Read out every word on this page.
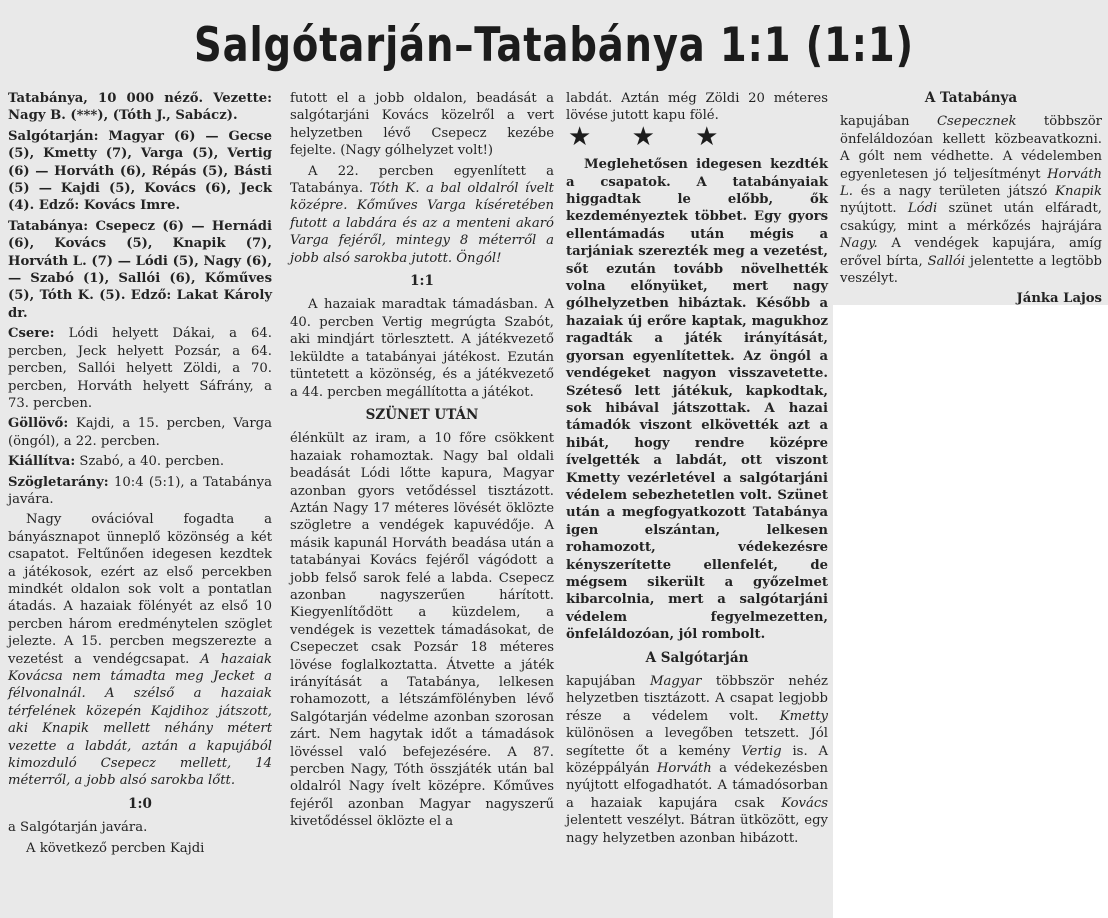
Salgótarján–Tatabánya 1:1 (1:1)

Tatabánya, 10 000 néző. Vezette: Nagy B. (***), (Tóth J., Sabácz).

Salgótarján: Magyar (6) — Gecse (5), Kmetty (7), Varga (5), Vertig (6) — Horváth (6), Répás (5), Básti (5) — Kajdi (5), Kovács (6), Jeck (4). Edző: Kovács Imre.

Tatabánya: Csepecz (6) — Hernádi (6), Kovács (5), Knapik (7), Horváth L. (7) — Lódi (5), Nagy (6), — Szabó (1), Sallói (6), Kőműves (5), Tóth K. (5). Edző: Lakat Károly dr.

Csere: Lódi helyett Dákai, a 64. percben, Jeck helyett Pozsár, a 64. percben, Sallói helyett Zöldi, a 70. percben, Horváth helyett Sáfrány, a 73. percben.

Göllövő: Kajdi, a 15. percben, Varga (öngól), a 22. percben.

Kiállítva: Szabó, a 40. percben.

Szögletarány: 10:4 (5:1), a Tatabánya javára.

Nagy ovációval fogadta a bányásznapot ünneplő közönség a két csapatot. Feltűnően idegesen kezdtek a játékosok, ezért az első percekben mindkét oldalon sok volt a pontatlan átadás. A hazaiak fölényét az első 10 percben három eredménytelen szöglet jelezte. A 15. percben megszerezte a vezetést a vendégcsapat. A hazaiak Kovácsa nem támadta meg Jecket a félvonalnál. A szélső a hazaiak térfelének közepén Kajdihoz játszott, aki Knapik mellett néhány métert vezette a labdát, aztán a kapujából kimozduló Csepecz mellett, 14 méterről, a jobb alsó sarokba lőtt.

1:0

a Salgótarján javára.

A következő percben Kajdi

futott el a jobb oldalon, beadását a salgótarjáni Kovács közelről a vert helyzetben lévő Csepecz kezébe fejelte. (Nagy gólhelyzet volt!)

A 22. percben egyenlített a Tatabánya. Tóth K. a bal oldalról ívelt középre. Kőműves Varga kíséretében futott a labdára és az a menteni akaró Varga fejéről, mintegy 8 méterről a jobb alsó sarokba jutott. Öngól!

1:1

A hazaiak maradtak támadásban. A 40. percben Vertig megrúgta Szabót, aki mindjárt törlesztett. A játékvezető leküldte a tatabányai játékost. Ezután tüntetett a közönség, és a játékvezető a 44. percben megállította a játékot.

SZÜNET UTÁN

élénkült az iram, a 10 főre csökkent hazaiak rohamoztak. Nagy bal oldali beadását Lódi lőtte kapura, Magyar azonban gyors vetődéssel tisztázott. Aztán Nagy 17 méteres lövését öklözte szögletre a vendégek kapuvédője. A másik kapunál Horváth beadása után a tatabányai Kovács fejéről vágódott a jobb felső sarok felé a labda. Csepecz azonban nagyszerűen hárított. Kiegyenlítődött a küzdelem, a vendégek is vezettek támadásokat, de Csepeczet csak Pozsár 18 méteres lövése foglalkoztatta. Átvette a játék irányítását a Tatabánya, lelkesen rohamozott, a létszámfölényben lévő Salgótarján védelme azonban szorosan zárt. Nem hagytak időt a támadások lövéssel való befejezésére. A 87. percben Nagy, Tóth összjáték után bal oldalról Nagy ívelt középre. Kőműves fejéről azonban Magyar nagyszerű kivetődéssel öklözte el a

labdát. Aztán még Zöldi 20 méteres lövése jutott kapu fölé.

★ ★ ★

Meglehetősen idegesen kezdték a csapatok. A tatabányaiak higgadtak le előbb, ők kezdeményeztek többet. Egy gyors ellentámadás után mégis a tarjániak szerezték meg a vezetést, sőt ezután tovább növelhették volna előnyüket, mert nagy gólhelyzetben hibáztak. Később a hazaiak új erőre kaptak, magukhoz ragadták a játék irányítását, gyorsan egyenlítettek. Az öngól a vendégeket nagyon visszavetette. Széteső lett játékuk, kapkodtak, sok hibával játszottak. A hazai támadók viszont elkövették azt a hibát, hogy rendre középre ívelgették a labdát, ott viszont Kmetty vezérletével a salgótarjáni védelem sebezhetetlen volt. Szünet után a megfogyatkozott Tatabánya igen elszántan, lelkesen rohamozott, védekezésre kényszerítette ellenfelét, de mégsem sikerült a győzelmet kibarcolnia, mert a salgótarjáni védelem fegyelmezetten, önfeláldozóan, jól rombolt.

A Salgótarján

kapujában Magyar többször nehéz helyzetben tisztázott. A csapat legjobb része a védelem volt. Kmetty különösen a levegőben tetszett. Jól segítette őt a kemény Vertig is. A középpályán Horváth a védekezésben nyújtott elfogadhatót. A támadósorban a hazaiak kapujára csak Kovács jelentett veszélyt. Bátran ütközött, egy nagy helyzetben azonban hibázott.

A Tatabánya

kapujában Csepecznek többször önfeláldozóan kellett közbeavatkozni. A gólt nem védhette. A védelemben egyenletesen jó teljesítményt Horváth L. és a nagy területen játszó Knapik nyújtott. Lódi szünet után elfáradt, csakúgy, mint a mérkőzés hajrájára Nagy. A vendégek kapujára, amíg erővel bírta, Sallói jelentette a legtöbb veszélyt.

Jánka Lajos
